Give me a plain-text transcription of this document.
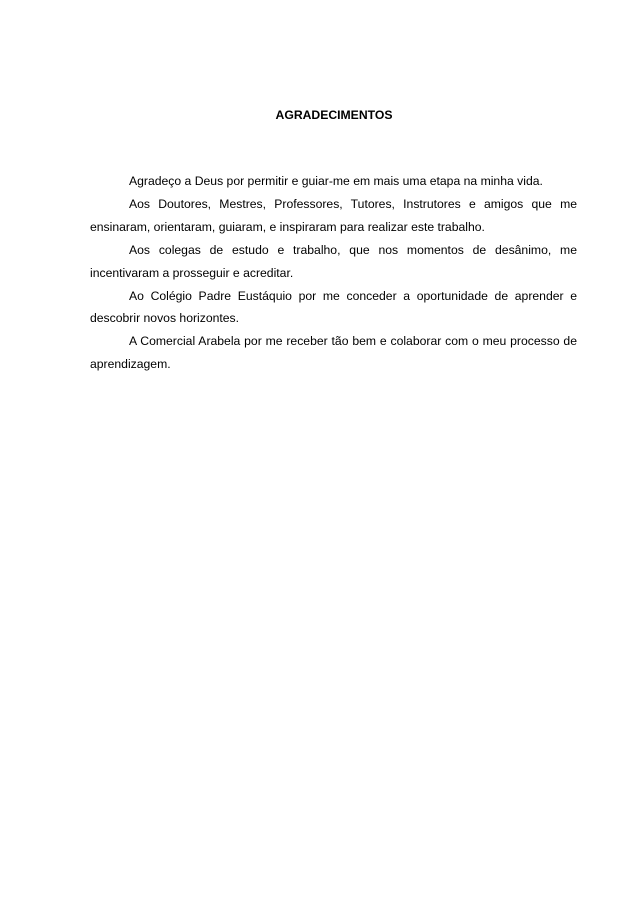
AGRADECIMENTOS

Agradeço a Deus por permitir e guiar-me em mais uma etapa na minha vida.

Aos Doutores, Mestres, Professores, Tutores, Instrutores e amigos que me ensinaram, orientaram, guiaram, e inspiraram para realizar este trabalho.

Aos colegas de estudo e trabalho, que nos momentos de desânimo, me incentivaram a prosseguir e acreditar.

Ao Colégio Padre Eustáquio por me conceder a oportunidade de aprender e descobrir novos horizontes.

A Comercial Arabela por me receber tão bem e colaborar com o meu processo de aprendizagem.
